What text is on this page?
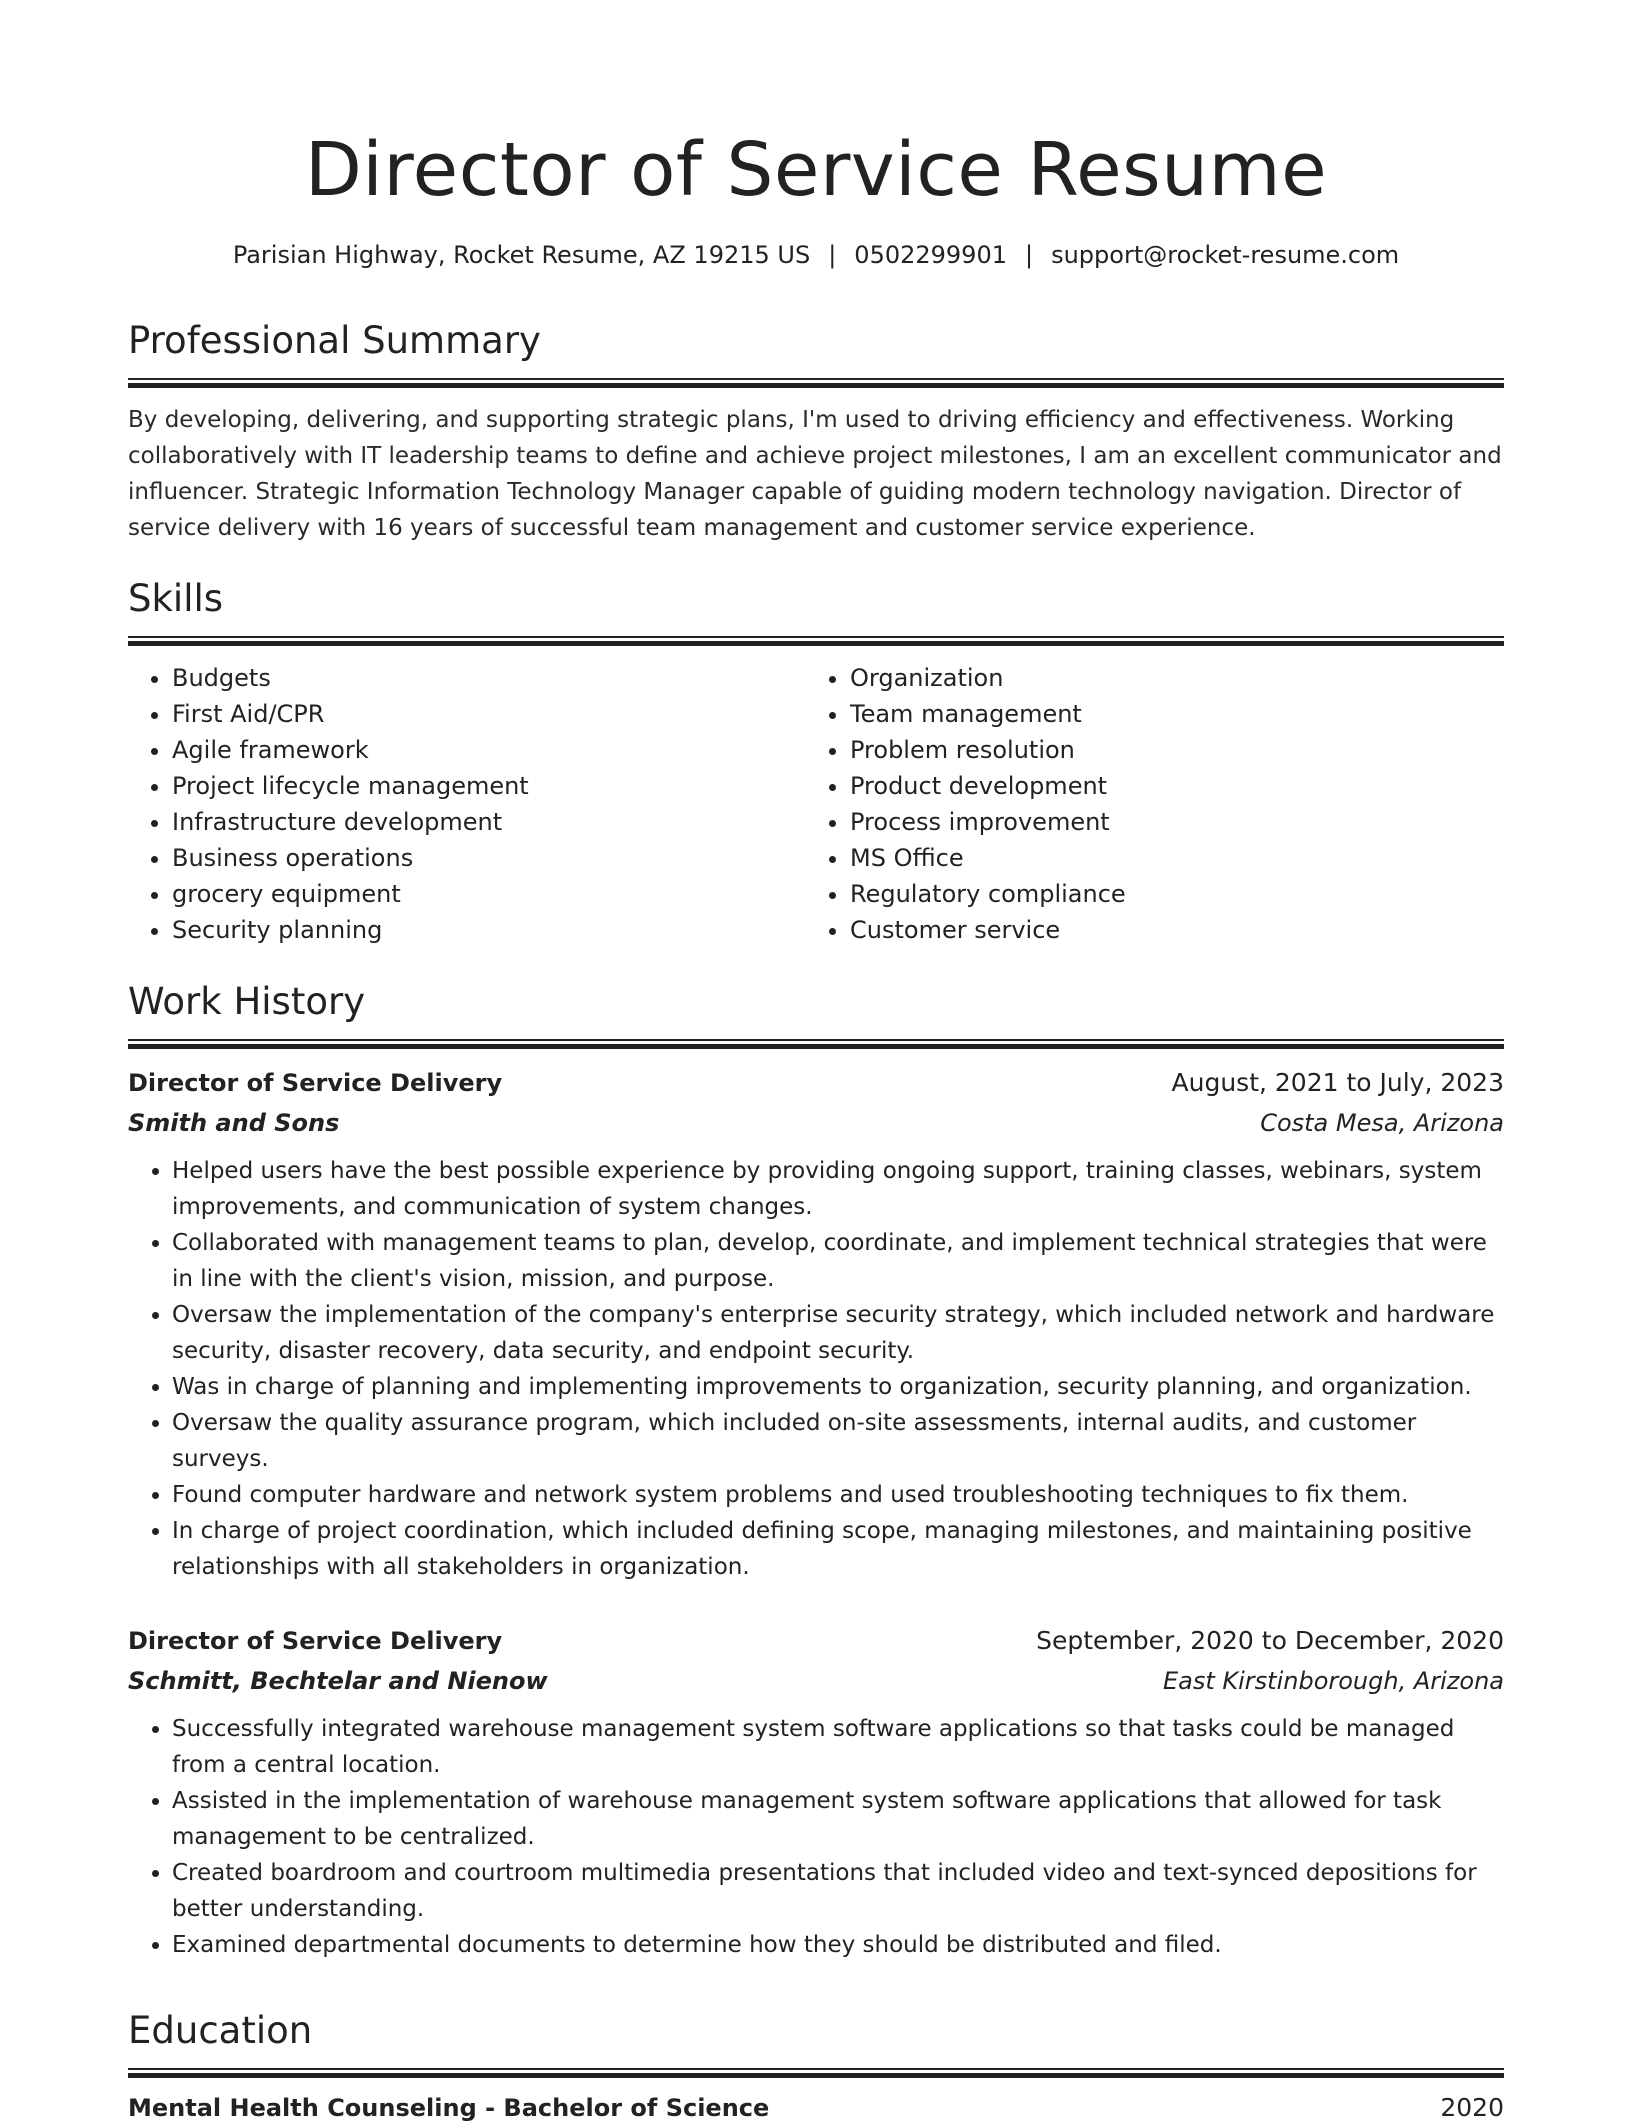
Director of Service Resume
Parisian Highway, Rocket Resume, AZ 19215 US | 0502299901 | support@rocket-resume.com
Professional Summary
By developing, delivering, and supporting strategic plans, I'm used to driving efficiency and effectiveness. Working collaboratively with IT leadership teams to define and achieve project milestones, I am an excellent communicator and influencer. Strategic Information Technology Manager capable of guiding modern technology navigation. Director of service delivery with 16 years of successful team management and customer service experience.
Skills
• Budgets
• First Aid/CPR
• Agile framework
• Project lifecycle management
• Infrastructure development
• Business operations
• grocery equipment
• Security planning
• Organization
• Team management
• Problem resolution
• Product development
• Process improvement
• MS Office
• Regulatory compliance
• Customer service
Work History
Director of Service Delivery	August, 2021 to July, 2023
Smith and Sons	Costa Mesa, Arizona
• Helped users have the best possible experience by providing ongoing support, training classes, webinars, system improvements, and communication of system changes.
• Collaborated with management teams to plan, develop, coordinate, and implement technical strategies that were in line with the client's vision, mission, and purpose.
• Oversaw the implementation of the company's enterprise security strategy, which included network and hardware security, disaster recovery, data security, and endpoint security.
• Was in charge of planning and implementing improvements to organization, security planning, and organization.
• Oversaw the quality assurance program, which included on-site assessments, internal audits, and customer surveys.
• Found computer hardware and network system problems and used troubleshooting techniques to fix them.
• In charge of project coordination, which included defining scope, managing milestones, and maintaining positive relationships with all stakeholders in organization.
Director of Service Delivery	September, 2020 to December, 2020
Schmitt, Bechtelar and Nienow	East Kirstinborough, Arizona
• Successfully integrated warehouse management system software applications so that tasks could be managed from a central location.
• Assisted in the implementation of warehouse management system software applications that allowed for task management to be centralized.
• Created boardroom and courtroom multimedia presentations that included video and text-synced depositions for better understanding.
• Examined departmental documents to determine how they should be distributed and filed.
Education
Mental Health Counseling - Bachelor of Science	2020
